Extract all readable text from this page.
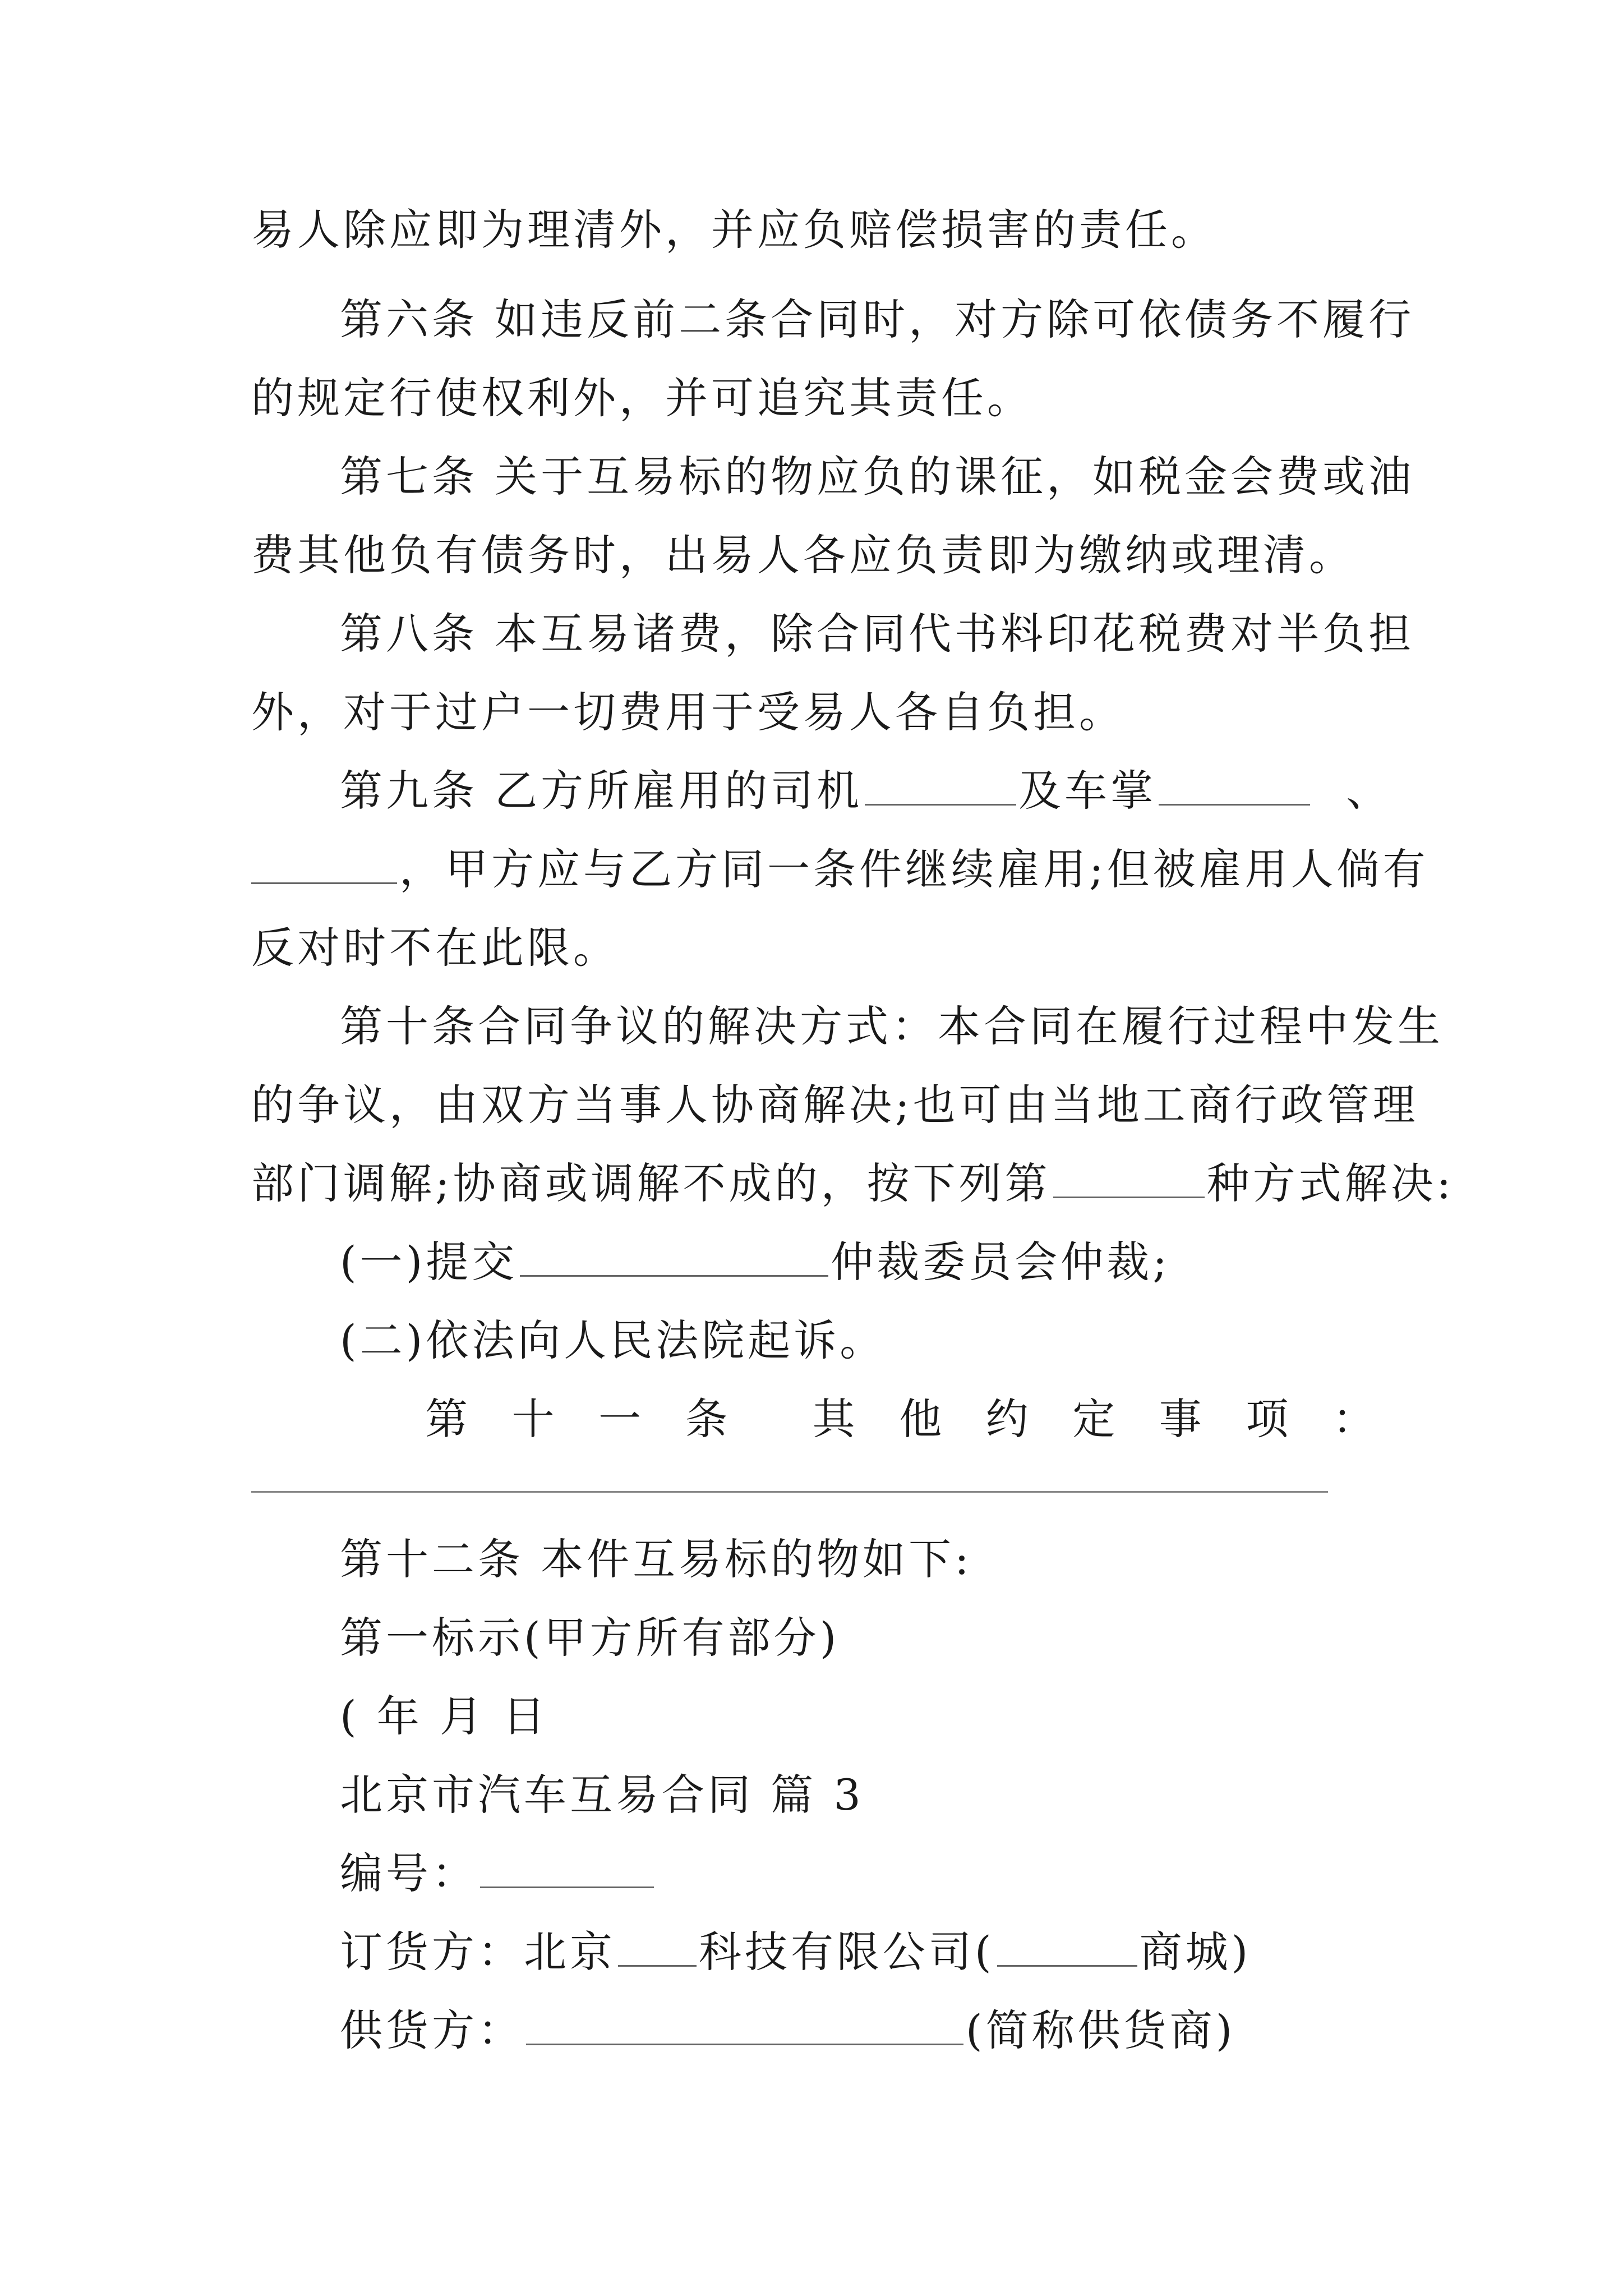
易人除应即为理清外，并应负赔偿损害的责任。
第六条 如违反前二条合同时，对方除可依债务不履行
的规定行使权利外，并可追究其责任。
第七条 关于互易标的物应负的课征，如税金会费或油
费其他负有债务时，出易人各应负责即为缴纳或理清。
第八条 本互易诸费，除合同代书料印花税费对半负担
外，对于过户一切费用于受易人各自负担。
第九条 乙方所雇用的司机	及车掌	、
，甲方应与乙方同一条件继续雇用;但被雇用人倘有
反对时不在此限。
第十条合同争议的解决方式：本合同在履行过程中发生
的争议，由双方当事人协商解决;也可由当地工商行政管理
部门调解;协商或调解不成的，按下列第	种方式解决:
(一)提交	仲裁委员会仲裁;
(二)依法向人民法院起诉。
第 十 一 条 其 他 约 定 事 项 ：
第十二条 本件互易标的物如下:
第一标示(甲方所有部分)
( 年 月 日
北京市汽车互易合同 篇 3
编号：
订货方：北京 科技有限公司(	商城)
供货方：	(简称供货商)
